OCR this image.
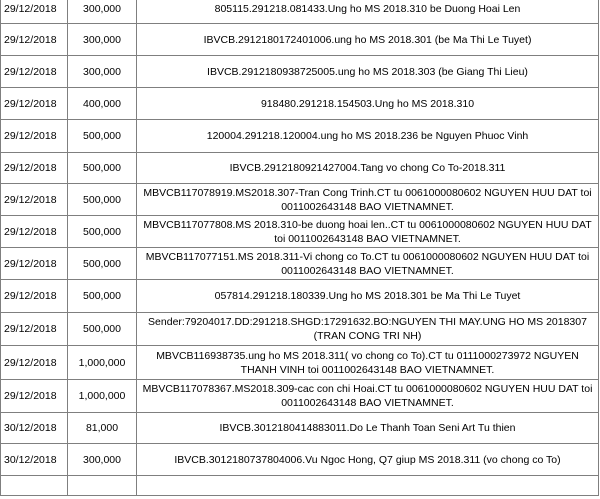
29/12/2018	300,000	805115.291218.081433.Ung ho MS 2018.310 be Duong Hoai Len
29/12/2018	300,000	IBVCB.2912180172401006.ung ho MS 2018.301 (be Ma Thi Le Tuyet)
29/12/2018	300,000	IBVCB.2912180938725005.ung ho MS 2018.303 (be Giang Thi Lieu)
29/12/2018	400,000	918480.291218.154503.Ung ho MS 2018.310
29/12/2018	500,000	120004.291218.120004.ung ho MS 2018.236 be Nguyen Phuoc Vinh
29/12/2018	500,000	IBVCB.2912180921427004.Tang vo chong Co To-2018.311
29/12/2018	500,000	MBVCB117078919.MS2018.307-Tran Cong Trinh.CT tu 0061000080602 NGUYEN HUU DAT toi 0011002643148 BAO VIETNAMNET.
29/12/2018	500,000	MBVCB117077808.MS 2018.310-be duong hoai len..CT tu 0061000080602 NGUYEN HUU DAT toi 0011002643148 BAO VIETNAMNET.
29/12/2018	500,000	MBVCB117077151.MS 2018.311-Vi chong co To.CT tu 0061000080602 NGUYEN HUU DAT toi 0011002643148 BAO VIETNAMNET.
29/12/2018	500,000	057814.291218.180339.Ung ho MS 2018.301 be Ma Thi Le Tuyet
29/12/2018	500,000	Sender:79204017.DD:291218.SHGD:17291632.BO:NGUYEN THI MAY.UNG HO MS 2018307 (TRAN CONG TRI NH)
29/12/2018	1,000,000	MBVCB116938735.ung ho MS 2018.311( vo chong co To).CT tu 0111000273972 NGUYEN THANH VINH toi 0011002643148 BAO VIETNAMNET.
29/12/2018	1,000,000	MBVCB117078367.MS2018.309-cac con chi Hoai.CT tu 0061000080602 NGUYEN HUU DAT toi 0011002643148 BAO VIETNAMNET.
30/12/2018	81,000	IBVCB.3012180414883011.Do Le Thanh Toan Seni Art Tu thien
30/12/2018	300,000	IBVCB.3012180737804006.Vu Ngoc Hong, Q7 giup MS 2018.311 (vo chong co To)
